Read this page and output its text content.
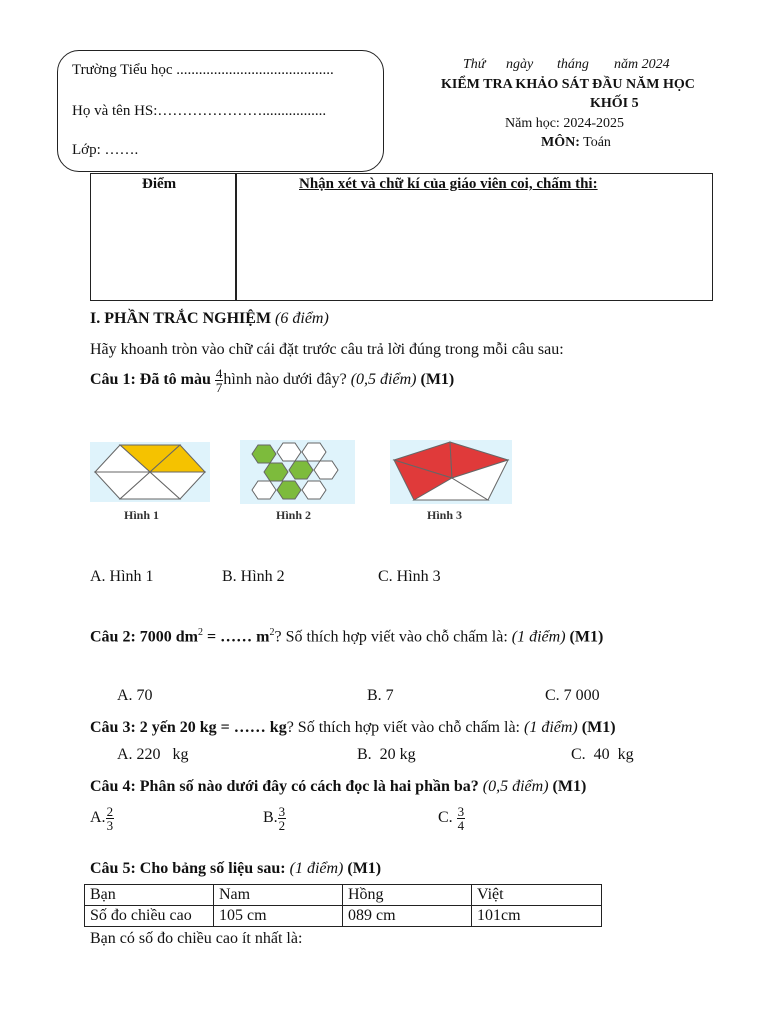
Trường Tiểu học ..........................................
Họ và tên HS:………………….................
Lớp: …….
Thứ ngày tháng năm 2024
KIỂM TRA KHẢO SÁT ĐẦU NĂM HỌC
KHỐI 5
Năm học: 2024-2025
MÔN: Toán
Điểm	Nhận xét và chữ kí của giáo viên coi, chấm thi:
I. PHẦN TRẮC NGHIỆM (6 điểm)
Hãy khoanh tròn vào chữ cái đặt trước câu trả lời đúng trong mỗi câu sau:
Câu 1: Đã tô màu $\frac{4}{7}$ hình nào dưới đây? (0,5 điểm) (M1)
Hình 1	Hình 2	Hình 3
A. Hình 1	B. Hình 2	C. Hình 3
Câu 2: 7000 $dm^2$ = …… $m^2$? Số thích hợp viết vào chỗ chấm là: (1 điểm) (M1)
A. 70	B. 7	C. 7 000
Câu 3: 2 yến 20 kg = …… kg? Số thích hợp viết vào chỗ chấm là: (1 điểm) (M1)
A. 220   kg	B.  20 kg	C.  40  kg
Câu 4: Phân số nào dưới đây có cách đọc là hai phần ba? (0,5 điểm) (M1)
A. $\frac{2}{3}$	B. $\frac{3}{2}$	C. $\frac{3}{4}$
Câu 5: Cho bảng số liệu sau: (1 điểm) (M1)
Bạn	Nam	Hồng	Việt
Số đo chiều cao	105 cm	089 cm	101cm
Bạn có số đo chiều cao ít nhất là:
